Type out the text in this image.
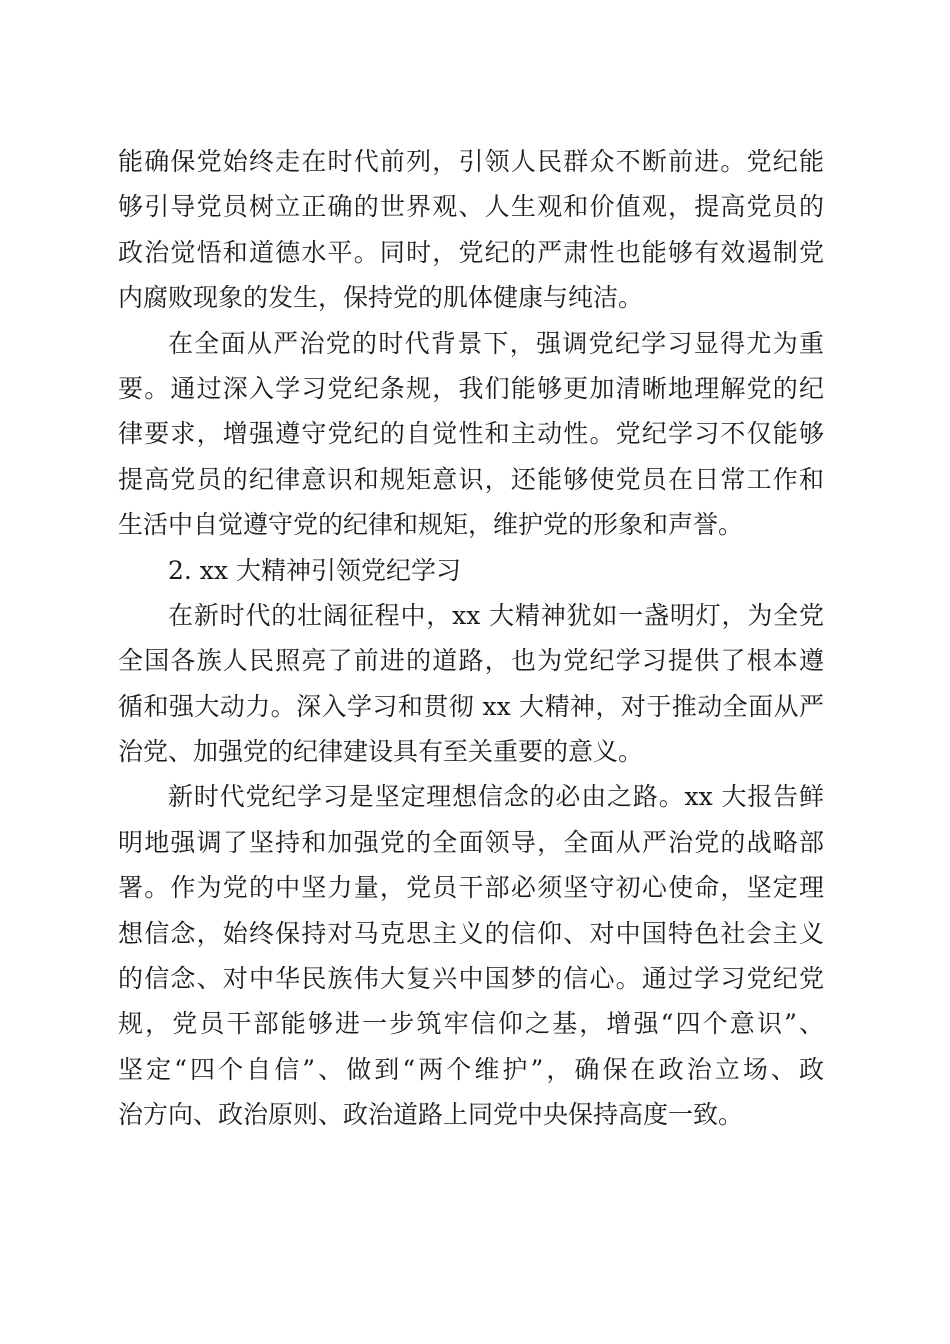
能确保党始终走在时代前列，引领人民群众不断前进。党纪能
够引导党员树立正确的世界观、人生观和价值观，提高党员的
政治觉悟和道德水平。同时，党纪的严肃性也能够有效遏制党
内腐败现象的发生，保持党的肌体健康与纯洁。
在全面从严治党的时代背景下，强调党纪学习显得尤为重
要。通过深入学习党纪条规，我们能够更加清晰地理解党的纪
律要求，增强遵守党纪的自觉性和主动性。党纪学习不仅能够
提高党员的纪律意识和规矩意识，还能够使党员在日常工作和
生活中自觉遵守党的纪律和规矩，维护党的形象和声誉。
2. xx 大精神引领党纪学习
在新时代的壮阔征程中，xx 大精神犹如一盏明灯，为全党
全国各族人民照亮了前进的道路，也为党纪学习提供了根本遵
循和强大动力。深入学习和贯彻 xx 大精神，对于推动全面从严
治党、加强党的纪律建设具有至关重要的意义。
新时代党纪学习是坚定理想信念的必由之路。xx 大报告鲜
明地强调了坚持和加强党的全面领导，全面从严治党的战略部
署。作为党的中坚力量，党员干部必须坚守初心使命，坚定理
想信念，始终保持对马克思主义的信仰、对中国特色社会主义
的信念、对中华民族伟大复兴中国梦的信心。通过学习党纪党
规，党员干部能够进一步筑牢信仰之基，增强“四个意识”、
坚定“四个自信”、做到“两个维护”，确保在政治立场、政
治方向、政治原则、政治道路上同党中央保持高度一致。
